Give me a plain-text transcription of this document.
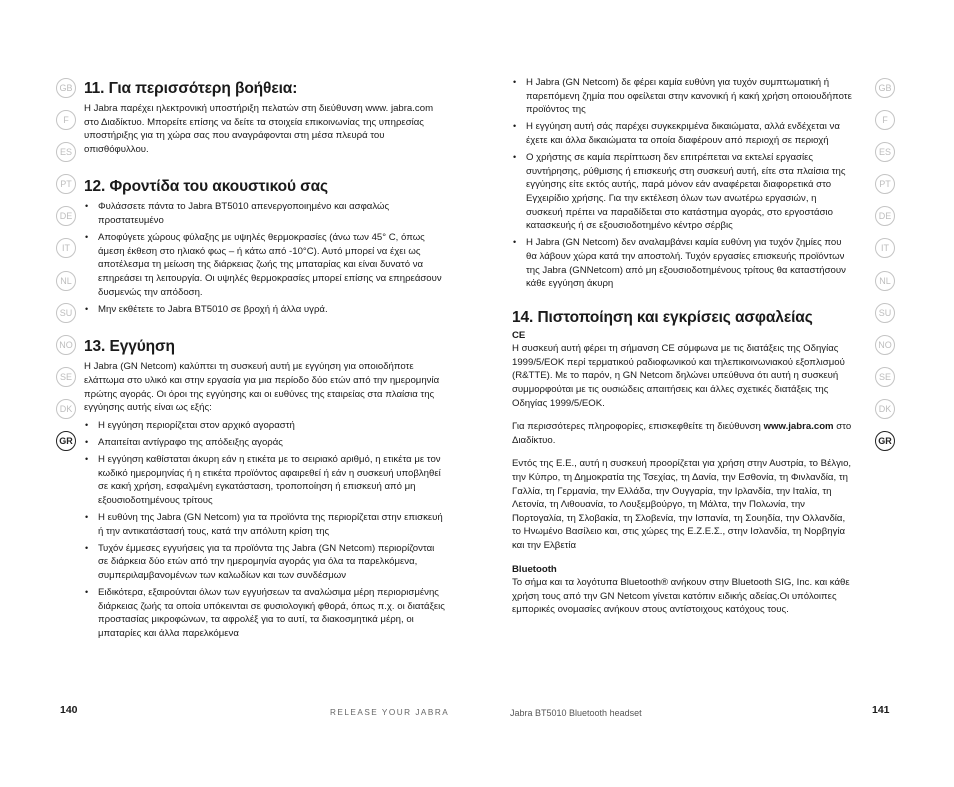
GB
F
ES
PT
DE
IT
NL
SU
NO
SE
DK
GR
11. Για περισσότερη βοήθεια:

Η Jabra παρέχει ηλεκτρονική υποστήριξη πελατών στη διεύθυνση www. jabra.com στο Διαδίκτυο. Μπορείτε επίσης να δείτε τα στοιχεία επικοινωνίας της υπηρεσίας υποστήριξης για τη χώρα σας που αναγράφονται στη μέσα πλευρά του οπισθόφυλλου.

12. Φροντίδα του ακουστικού σας
• Φυλάσσετε πάντα το Jabra BT5010 απενεργοποιημένο και ασφαλώς προστατευμένο
• Αποφύγετε χώρους φύλαξης με υψηλές θερμοκρασίες (άνω των 45° C, όπως άμεση έκθεση στο ηλιακό φως – ή κάτω από -10°C). Αυτό μπορεί να έχει ως αποτέλεσμα τη μείωση της διάρκειας ζωής της μπαταρίας και είναι δυνατό να επηρεάσει τη λειτουργία. Οι υψηλές θερμοκρασίες μπορεί επίσης να επηρεάσουν δυσμενώς την απόδοση.
• Μην εκθέτετε το Jabra BT5010 σε βροχή ή άλλα υγρά.
13. Εγγύηση

Η Jabra (GN Netcom) καλύπτει τη συσκευή αυτή με εγγύηση για οποιοδήποτε ελάττωμα στο υλικό και στην εργασία για μια περίοδο δύο ετών από την ημερομηνία πρώτης αγοράς. Οι όροι της εγγύησης και οι ευθύνες της εταιρείας στα πλαίσια της εγγύησης αυτής είναι ως εξής:

• Η εγγύηση περιορίζεται στον αρχικό αγοραστή
• Απαιτείται αντίγραφο της απόδειξης αγοράς
• Η εγγύηση καθίσταται άκυρη εάν η ετικέτα με το σειριακό αριθμό, η ετικέτα με τον κωδικό ημερομηνίας ή η ετικέτα προϊόντος αφαιρεθεί ή εάν η συσκευή υποβληθεί σε κακή χρήση, εσφαλμένη εγκατάσταση, τροποποίηση ή επισκευή από μη εξουσιοδοτημένους τρίτους
• Η ευθύνη της Jabra (GN Netcom) για τα προϊόντα της περιορίζεται στην επισκευή ή την αντικατάστασή τους, κατά την απόλυτη κρίση της
• Τυχόν έμμεσες εγγυήσεις για τα προϊόντα της Jabra (GN Netcom) περιορίζονται σε διάρκεια δύο ετών από την ημερομηνία αγοράς για όλα τα παρελκόμενα, συμπεριλαμβανομένων των καλωδίων και των συνδέσμων
• Ειδικότερα, εξαιρούνται όλων των εγγυήσεων τα αναλώσιμα μέρη περιορισμένης διάρκειας ζωής τα οποία υπόκεινται σε φυσιολογική φθορά, όπως π.χ. οι διατάξεις προστασίας μικροφώνων, τα αφρολέξ για το αυτί, τα διακοσμητικά μέρη, οι μπαταρίες και άλλα παρελκόμενα
140	RELEASE YOUR JABRA
• Η Jabra (GN Netcom) δε φέρει καμία ευθύνη για τυχόν συμπτωματική ή παρεπόμενη ζημία που οφείλεται στην κανονική ή κακή χρήση οποιουδήποτε προϊόντος της
• Η εγγύηση αυτή σάς παρέχει συγκεκριμένα δικαιώματα, αλλά ενδέχεται να έχετε και άλλα δικαιώματα τα οποία διαφέρουν από περιοχή σε περιοχή
• Ο χρήστης σε καμία περίπτωση δεν επιτρέπεται να εκτελεί εργασίες συντήρησης, ρύθμισης ή επισκευής στη συσκευή αυτή, είτε στα πλαίσια της εγγύησης είτε εκτός αυτής, παρά μόνον εάν αναφέρεται διαφορετικά στο Εγχειρίδιο χρήσης. Για την εκτέλεση όλων των ανωτέρω εργασιών, η συσκευή πρέπει να παραδίδεται στο κατάστημα αγοράς, στο εργοστάσιο κατασκευής ή σε εξουσιοδοτημένο κέντρο σέρβις
• Η Jabra (GN Netcom) δεν αναλαμβάνει καμία ευθύνη για τυχόν ζημίες που θα λάβουν χώρα κατά την αποστολή. Τυχόν εργασίες επισκευής προϊόντων της Jabra (GNNetcom) από μη εξουσιοδοτημένους τρίτους θα καταστήσουν κάθε εγγύηση άκυρη
14. Πιστοποίηση και εγκρίσεις ασφαλείας
CE

Η συσκευή αυτή φέρει τη σήμανση CE σύμφωνα με τις διατάξεις της Οδηγίας 1999/5/ΕΟΚ περί τερματικού ραδιοφωνικού και τηλεπικοινωνιακού εξοπλισμού (R&TTE). Με το παρόν, η GN Netcom δηλώνει υπεύθυνα ότι αυτή η συσκευή συμμορφούται με τις ουσιώδεις απαιτήσεις και άλλες σχετικές διατάξεις της Οδηγίας 1999/5/ΕΟΚ.

Για περισσότερες πληροφορίες, επισκεφθείτε τη διεύθυνση www.jabra.com στο Διαδίκτυο.

Εντός της Ε.Ε., αυτή η συσκευή προορίζεται για χρήση στην Αυστρία, το Βέλγιο, την Κύπρο, τη Δημοκρατία της Τσεχίας, τη Δανία, την Εσθονία, τη Φινλανδία, τη Γαλλία, τη Γερμανία, την Ελλάδα, την Ουγγαρία, την Ιρλανδία, την Ιταλία, τη Λετονία, τη Λιθουανία, το Λουξεμβούργο, τη Μάλτα, την Πολωνία, την Πορτογαλία, τη Σλοβακία, τη Σλοβενία, την Ισπανία, τη Σουηδία, την Ολλανδία, το Ηνωμένο Βασίλειο και, στις χώρες της Ε.Ζ.Ε.Σ., στην Ισλανδία, τη Νορβηγία και την Ελβετία

Bluetooth

Το σήμα και τα λογότυπα Bluetooth® ανήκουν στην Bluetooth SIG, Inc. και κάθε χρήση τους από την GN Netcom γίνεται κατόπιν ειδικής αδείας.Οι υπόλοιπες εμπορικές ονομασίες ανήκουν στους αντίστοιχους κατόχους τους.

GB
F
ES
PT
DE
IT
NL
SU
NO
SE
DK
GR
Jabra BT5010 Bluetooth headset	141
